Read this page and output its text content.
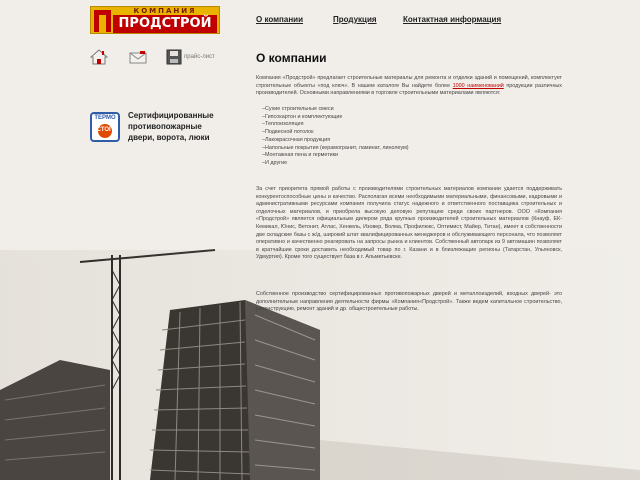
КОМПАНИЯ
ПРОДСТРОЙ	О компании	Продукция	Контактная информация
прайс-лист
ТЕРМО
СТОП
Сертифицированные
противопожарные
двери, ворота, люки
О компании
Компания «Продстрой» предлагает строительные материалы для ремонта и отделки зданий и помещений, комплектует строительные объекты «под ключ». В нашем каталоге Вы найдете более 1000 наименований продукции различных производителей. Основными направлениями в торговле строительными материалами являются:
–Сухие строительные смеси
–Гипсокартон и комплектующие
–Теплоизоляция
–Подвесной потолок
–Лакокрасочная продукция
–Напольные покрытия (керамогранит, ламинат, линолеум)
–Монтажная пена и герметики
–И другие
За счет приоритета прямой работы с производителями строительных материалов компании удается поддерживать конкурентоспособные цены и качество. Располагая всеми необходимыми материальными, финансовыми, кадровыми и административными ресурсами компания получила статус надежного и ответственного поставщика строительных и отделочных материалов, и приобрела высокую деловую репутацию среди своих партнеров. ООО «Компания «Продстрой» является официальным дилером ряда крупных производителей строительных материалов (Кнауф, ЕК-Кемикал, Юнис, Ветонит, Атлас, Хенкель, Изовер, Волма, Профилюкс, Оптимист, Майер, Титан), имеет в собственности две складские базы с ж/д, широкий штат квалифицированных менеджеров и обслуживающего персонала, что позволяет оперативно и качественно реагировать на запросы рынка и клиентов. Собственный автопарк из 9 автомашин позволяет в кратчайшие сроки доставить необходимый товар по г. Казани и в близлежащие регионы (Татарстан, Ульяновск, Удмуртия). Кроме того существует база в г. Альметьевске.
Собственное производство сертифицированных противопожарных дверей и металлоизделий, входных дверей- это дополнительные направления деятельности фирмы «Компания«Продстрой». Также ведем капитальное строительство, реконструкцию, ремонт зданий и др. общестроительные работы.
